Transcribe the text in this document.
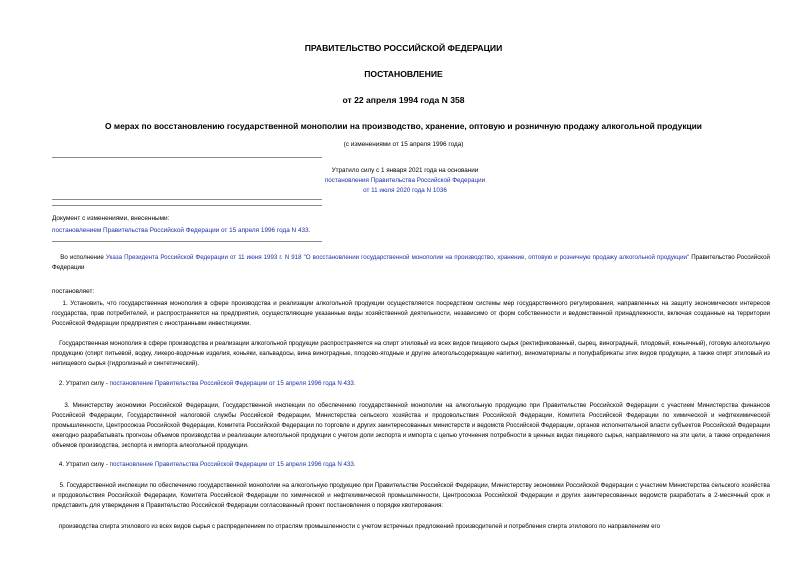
ПРАВИТЕЛЬСТВО РОССИЙСКОЙ ФЕДЕРАЦИИ
ПОСТАНОВЛЕНИЕ
от 22 апреля 1994 года N 358
О мерах по восстановлению государственной монополии на производство, хранение, оптовую и розничную продажу алкогольной продукции
(с изменениями от 15 апреля 1996 года)
Утратило силу с 1 января 2021 года на основании
постановления Правительства Российской Федерации
от 11 июля 2020 года N 1036
Документ с изменениями, внесенными:
постановлением Правительства Российской Федерации от 15 апреля 1996 года N 433.
Во исполнение Указа Президента Российской Федерации от 11 июня 1993 г. N 918 "О восстановлении государственной монополии на производство, хранение, оптовую и розничную продажу алкогольной продукции" Правительство Российской Федерации
постановляет:
1. Установить, что государственная монополия в сфере производства и реализации алкогольной продукции осуществляется посредством системы мер государственного регулирования, направленных на защиту экономических интересов государства, прав потребителей, и распространяется на предприятия, осуществляющие указанные виды хозяйственной деятельности, независимо от форм собственности и ведомственной принадлежности, включая созданные на территории Российской Федерации предприятия с иностранными инвестициями.
Государственная монополия в сфере производства и реализации алкогольной продукции распространяется на спирт этиловый из всех видов пищевого сырья (ректификованный, сырец, виноградный, плодовый, коньячный), готовую алкогольную продукцию (спирт питьевой, водку, ликеро-водочные изделия, коньяки, кальвадосы, вина виноградные, плодово-ягодные и другие алкогольсодержащие напитки), виноматериалы и полуфабрикаты этих видов продукции, а также спирт этиловый из непищевого сырья (гидролизный и синтетический).
2. Утратил силу - постановление Правительства Российской Федерации от 15 апреля 1996 года N 433.
3. Министерству экономики Российской Федерации, Государственной инспекции по обеспечению государственной монополии на алкогольную продукцию при Правительстве Российской Федерации с участием Министерства финансов Российской Федерации, Государственной налоговой службы Российской Федерации, Министерства сельского хозяйства и продовольствия Российской Федерации, Комитета Российской Федерации по химической и нефтехимической промышленности, Центросоюза Российской Федерации, Комитета Российской Федерации по торговле и других заинтересованных министерств и ведомств Российской Федерации, органов исполнительной власти субъектов Российской Федерации ежегодно разрабатывать прогнозы объемов производства и реализации алкогольной продукции с учетом доли экспорта и импорта с целью уточнения потребности в ценных видах пищевого сырья, направляемого на эти цели, а также определения объемов производства, экспорта и импорта алкогольной продукции.
4. Утратил силу - постановление Правительства Российской Федерации от 15 апреля 1996 года N 433.
5. Государственной инспекции по обеспечению государственной монополии на алкогольную продукцию при Правительстве Российской Федерации, Министерству экономики Российской Федерации с участием Министерства сельского хозяйства и продовольствия Российской Федерации, Комитета Российской Федерации по химической и нефтехимической промышленности, Центросоюза Российской Федерации и других заинтересованных ведомств разработать в 2-месячный срок и представить для утверждения в Правительство Российской Федерации согласованный проект постановления о порядке квотирования:
производства спирта этилового из всех видов сырья с распределением по отраслям промышленности с учетом встречных предложений производителей и потребления спирта этилового по направлениям его
